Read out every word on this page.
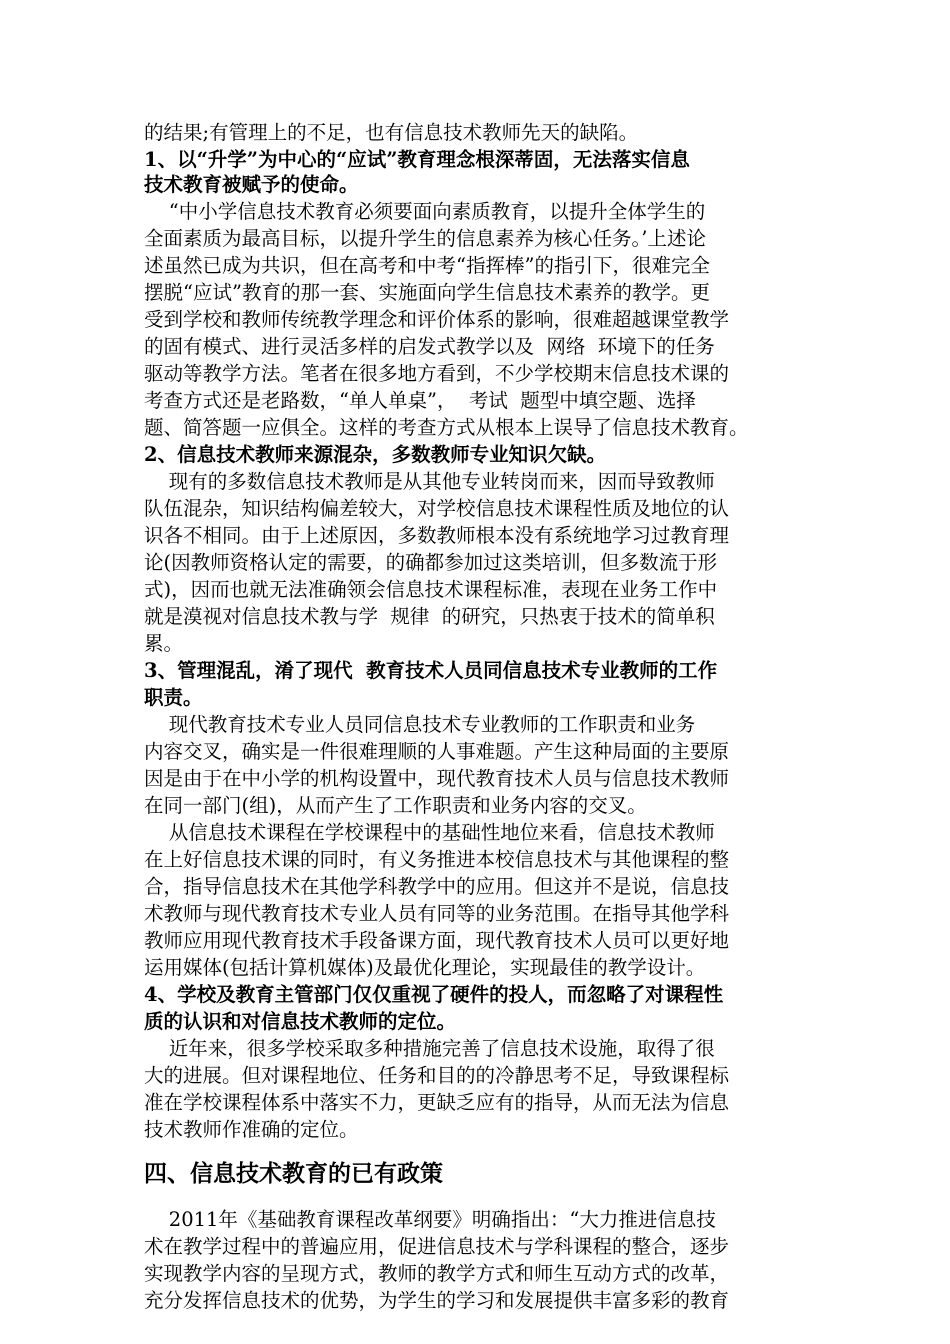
的结果;有管理上的不足，也有信息技术教师先天的缺陷。

1、以“升学”为中心的“应试”教育理念根深蒂固，无法落实信息

技术教育被赋予的使命。

“中小学信息技术教育必须要面向素质教育，以提升全体学生的

全面素质为最高目标，以提升学生的信息素养为核心任务。’上述论

述虽然已成为共识，但在高考和中考“指挥棒”的指引下，很难完全

摆脱“应试”教育的那一套、实施面向学生信息技术素养的教学。更

受到学校和教师传统教学理念和评价体系的影响，很难超越课堂教学

的固有模式、进行灵活多样的启发式教学以及  网络  环境下的任务

驱动等教学方法。笔者在很多地方看到，不少学校期末信息技术课的

考查方式还是老路数，“单人单桌”，  考试  题型中填空题、选择

题、简答题一应俱全。这样的考查方式从根本上误导了信息技术教育。

2、信息技术教师来源混杂，多数教师专业知识欠缺。

现有的多数信息技术教师是从其他专业转岗而来，因而导致教师

队伍混杂，知识结构偏差较大，对学校信息技术课程性质及地位的认

识各不相同。由于上述原因，多数教师根本没有系统地学习过教育理

论(因教师资格认定的需要，的确都参加过这类培训，但多数流于形

式)，因而也就无法准确领会信息技术课程标准，表现在业务工作中

就是漠视对信息技术教与学  规律  的研究，只热衷于技术的简单积

累。

3、管理混乱，淆了现代  教育技术人员同信息技术专业教师的工作

职责。

现代教育技术专业人员同信息技术专业教师的工作职责和业务

内容交叉，确实是一件很难理顺的人事难题。产生这种局面的主要原

因是由于在中小学的机构设置中，现代教育技术人员与信息技术教师

在同一部门(组)，从而产生了工作职责和业务内容的交叉。

从信息技术课程在学校课程中的基础性地位来看，信息技术教师

在上好信息技术课的同时，有义务推进本校信息技术与其他课程的整

合，指导信息技术在其他学科教学中的应用。但这并不是说，信息技

术教师与现代教育技术专业人员有同等的业务范围。在指导其他学科

教师应用现代教育技术手段备课方面，现代教育技术人员可以更好地

运用媒体(包括计算机媒体)及最优化理论，实现最佳的教学设计。

4、学校及教育主管部门仅仅重视了硬件的投人，而忽略了对课程性

质的认识和对信息技术教师的定位。

近年来，很多学校采取多种措施完善了信息技术设施，取得了很

大的进展。但对课程地位、任务和目的的冷静思考不足，导致课程标

准在学校课程体系中落实不力，更缺乏应有的指导，从而无法为信息

技术教师作准确的定位。

四、信息技术教育的已有政策

2011年《基础教育课程改革纲要》明确指出：“大力推进信息技

术在教学过程中的普遍应用，促进信息技术与学科课程的整合，逐步

实现教学内容的呈现方式，教师的教学方式和师生互动方式的改革，

充分发挥信息技术的优势，为学生的学习和发展提供丰富多彩的教育
